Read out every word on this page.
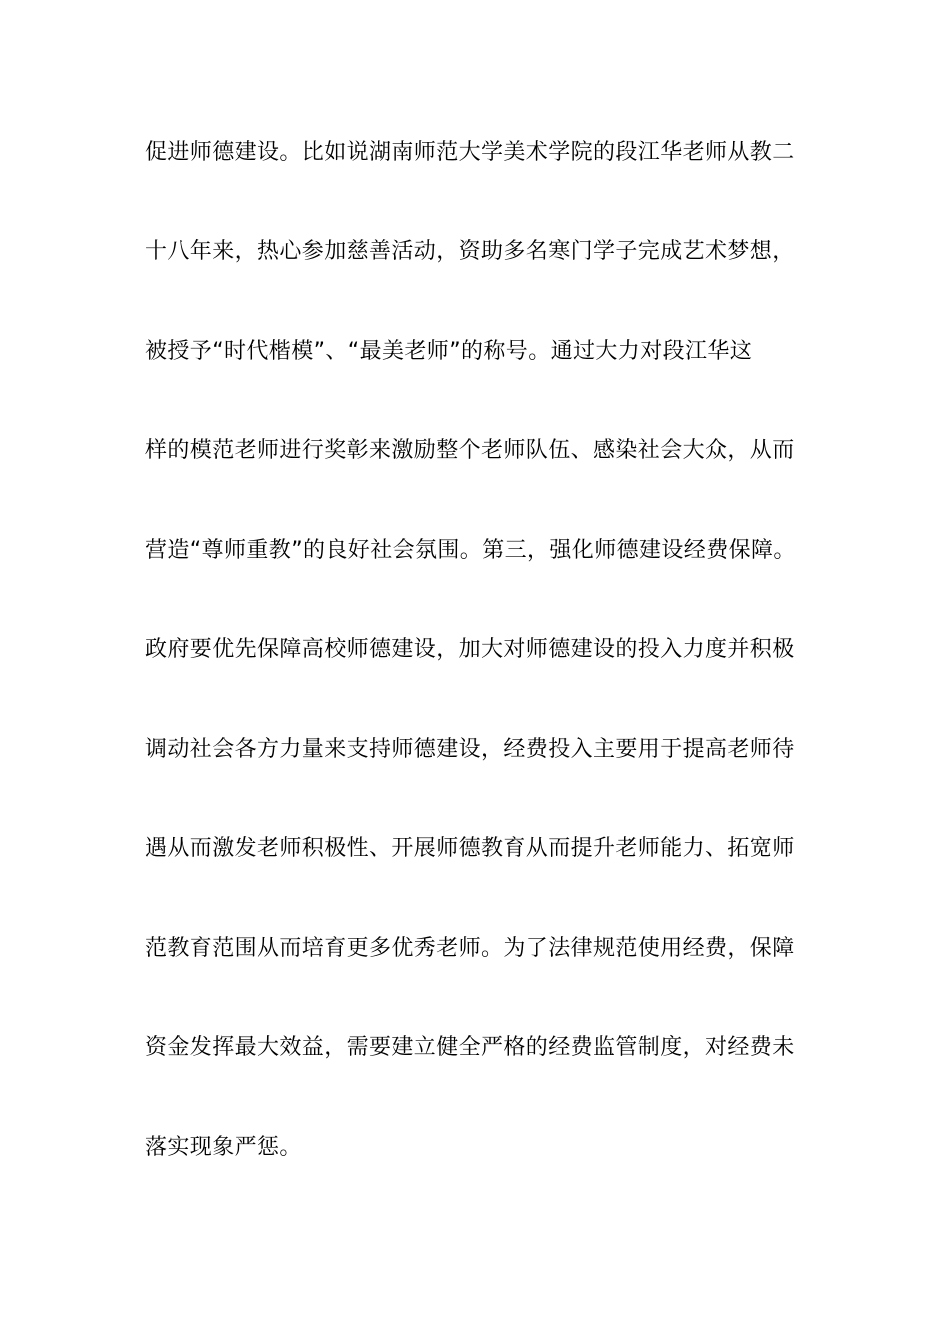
促进师德建设。比如说湖南师范大学美术学院的段江华老师从教二
十八年来，热心参加慈善活动，资助多名寒门学子完成艺术梦想，
被授予“时代楷模”、“最美老师”的称号。通过大力对段江华这
样的模范老师进行奖彰来激励整个老师队伍、感染社会大众，从而
营造“尊师重教”的良好社会氛围。第三，强化师德建设经费保障。
政府要优先保障高校师德建设，加大对师德建设的投入力度并积极
调动社会各方力量来支持师德建设，经费投入主要用于提高老师待
遇从而激发老师积极性、开展师德教育从而提升老师能力、拓宽师
范教育范围从而培育更多优秀老师。为了法律规范使用经费，保障
资金发挥最大效益，需要建立健全严格的经费监管制度，对经费未
落实现象严惩。
